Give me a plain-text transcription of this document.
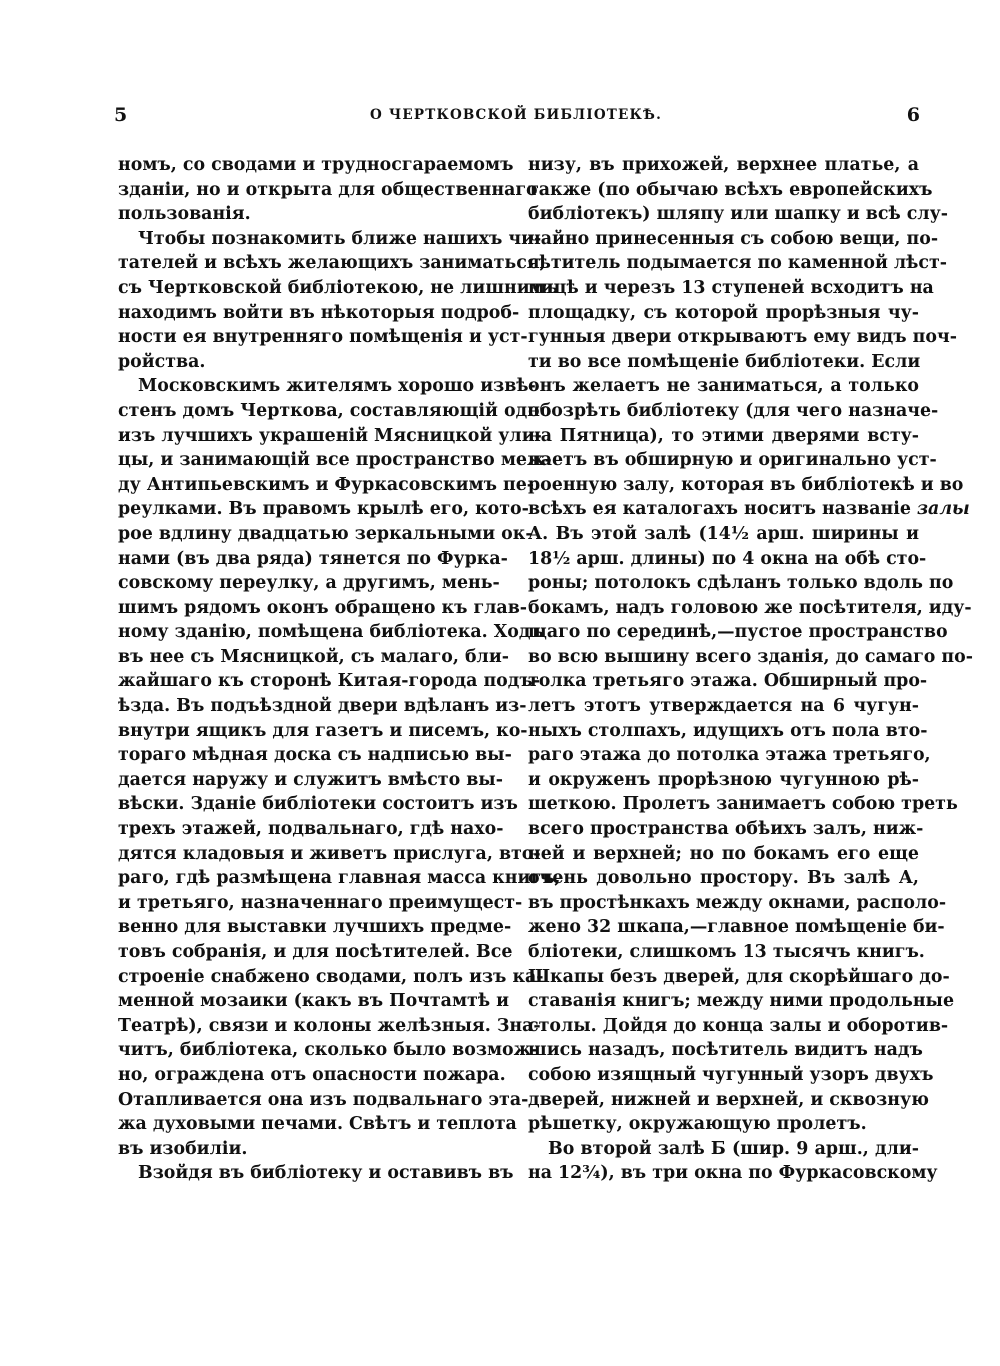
5	О ЧЕРТКОВСКОЙ БИБЛІОТЕКѢ.	6
номъ, со сводами и трудносгараемомъ
зданіи, но и открыта для общественнаго
пользованія.
Чтобы познакомить ближе нашихъ чи-
тателей и всѣхъ желающихъ заниматься,
съ Чертковской библіотекою, не лишнимъ
находимъ войти въ нѣкоторыя подроб-
ности ея внутренняго помѣщенія и уст-
ройства.
Московскимъ жителямъ хорошо извѣ-
стенъ домъ Черткова, составляющій одно
изъ лучшихъ украшеній Мясницкой ули-
цы, и занимающій все пространство меж-
ду Антипьевскимъ и Фуркасовскимъ пе-
реулками. Въ правомъ крылѣ его, кото-
рое вдлину двадцатью зеркальными ок-
нами (въ два ряда) тянется по Фурка-
совскому переулку, а другимъ, мень-
шимъ рядомъ оконъ обращено къ глав-
ному зданію, помѣщена библіотека. Ходъ
въ нее съ Мясницкой, съ малаго, бли-
жайшаго къ сторонѣ Китая-города подъ-
ѣзда. Въ подъѣздной двери вдѣланъ из-
внутри ящикъ для газетъ и писемъ, ко-
тораго мѣдная доска съ надписью вы-
дается наружу и служитъ вмѣсто вы-
вѣски. Зданіе библіотеки состоитъ изъ
трехъ этажей, подвальнаго, гдѣ нахо-
дятся кладовыя и живетъ прислуга, вто-
раго, гдѣ размѣщена главная масса книгъ,
и третьяго, назначеннаго преимущест-
венно для выставки лучшихъ предме-
товъ собранія, и для посѣтителей. Все
строеніе снабжено сводами, полъ изъ ка-
менной мозаики (какъ въ Почтамтѣ и
Театрѣ), связи и колоны желѣзныя. Зна-
читъ, библіотека, сколько было возмож-
но, ограждена отъ опасности пожара.
Отапливается она изъ подвальнаго эта-
жа духовыми печами. Свѣтъ и теплота
въ изобиліи.
Взойдя въ библіотеку и оставивъ въ
низу, въ прихожей, верхнее платье, а
также (по обычаю всѣхъ европейскихъ
библіотекъ) шляпу или шапку и всѣ слу-
чайно принесенныя съ собою вещи, по-
сѣтитель подымается по каменной лѣст-
ницѣ и черезъ 13 ступеней всходитъ на
площадку, съ которой прорѣзныя чу-
гунныя двери открываютъ ему видъ поч-
ти во все помѣщеніе библіотеки. Если
онъ желаетъ не заниматься, а только
обозрѣть библіотеку (для чего назначе-
на Пятница), то этими дверями всту-
паетъ въ обширную и оригинально уст-
роенную залу, которая въ библіотекѣ и во
всѣхъ ея каталогахъ носитъ названіе залы
А. Въ этой залѣ (14½ арш. ширины и
18½ арш. длины) по 4 окна на обѣ сто-
роны; потолокъ сдѣланъ только вдоль по
бокамъ, надъ головою же посѣтителя, иду-
щаго по серединѣ,—пустое пространство
во всю вышину всего зданія, до самаго по-
толка третьяго этажа. Обширный про-
летъ этотъ утверждается на 6 чугун-
ныхъ столпахъ, идущихъ отъ пола вто-
раго этажа до потолка этажа третьяго,
и окруженъ прорѣзною чугунною рѣ-
шеткою. Пролетъ занимаетъ собою треть
всего пространства обѣихъ залъ, ниж-
ней и верхней; но по бокамъ его еще
очень довольно простору. Въ залѣ А,
въ простѣнкахъ между окнами, располо-
жено 32 шкапа,—главное помѣщеніе би-
бліотеки, слишкомъ 13 тысячъ книгъ.
Шкапы безъ дверей, для скорѣйшаго до-
ставанія книгъ; между ними продольные
столы. Дойдя до конца залы и оборотив-
шись назадъ, посѣтитель видитъ надъ
собою изящный чугунный узоръ двухъ
дверей, нижней и верхней, и сквозную
рѣшетку, окружающую пролетъ.
Во второй залѣ Б (шир. 9 арш., дли-
на 12¾), въ три окна по Фуркасовскому
